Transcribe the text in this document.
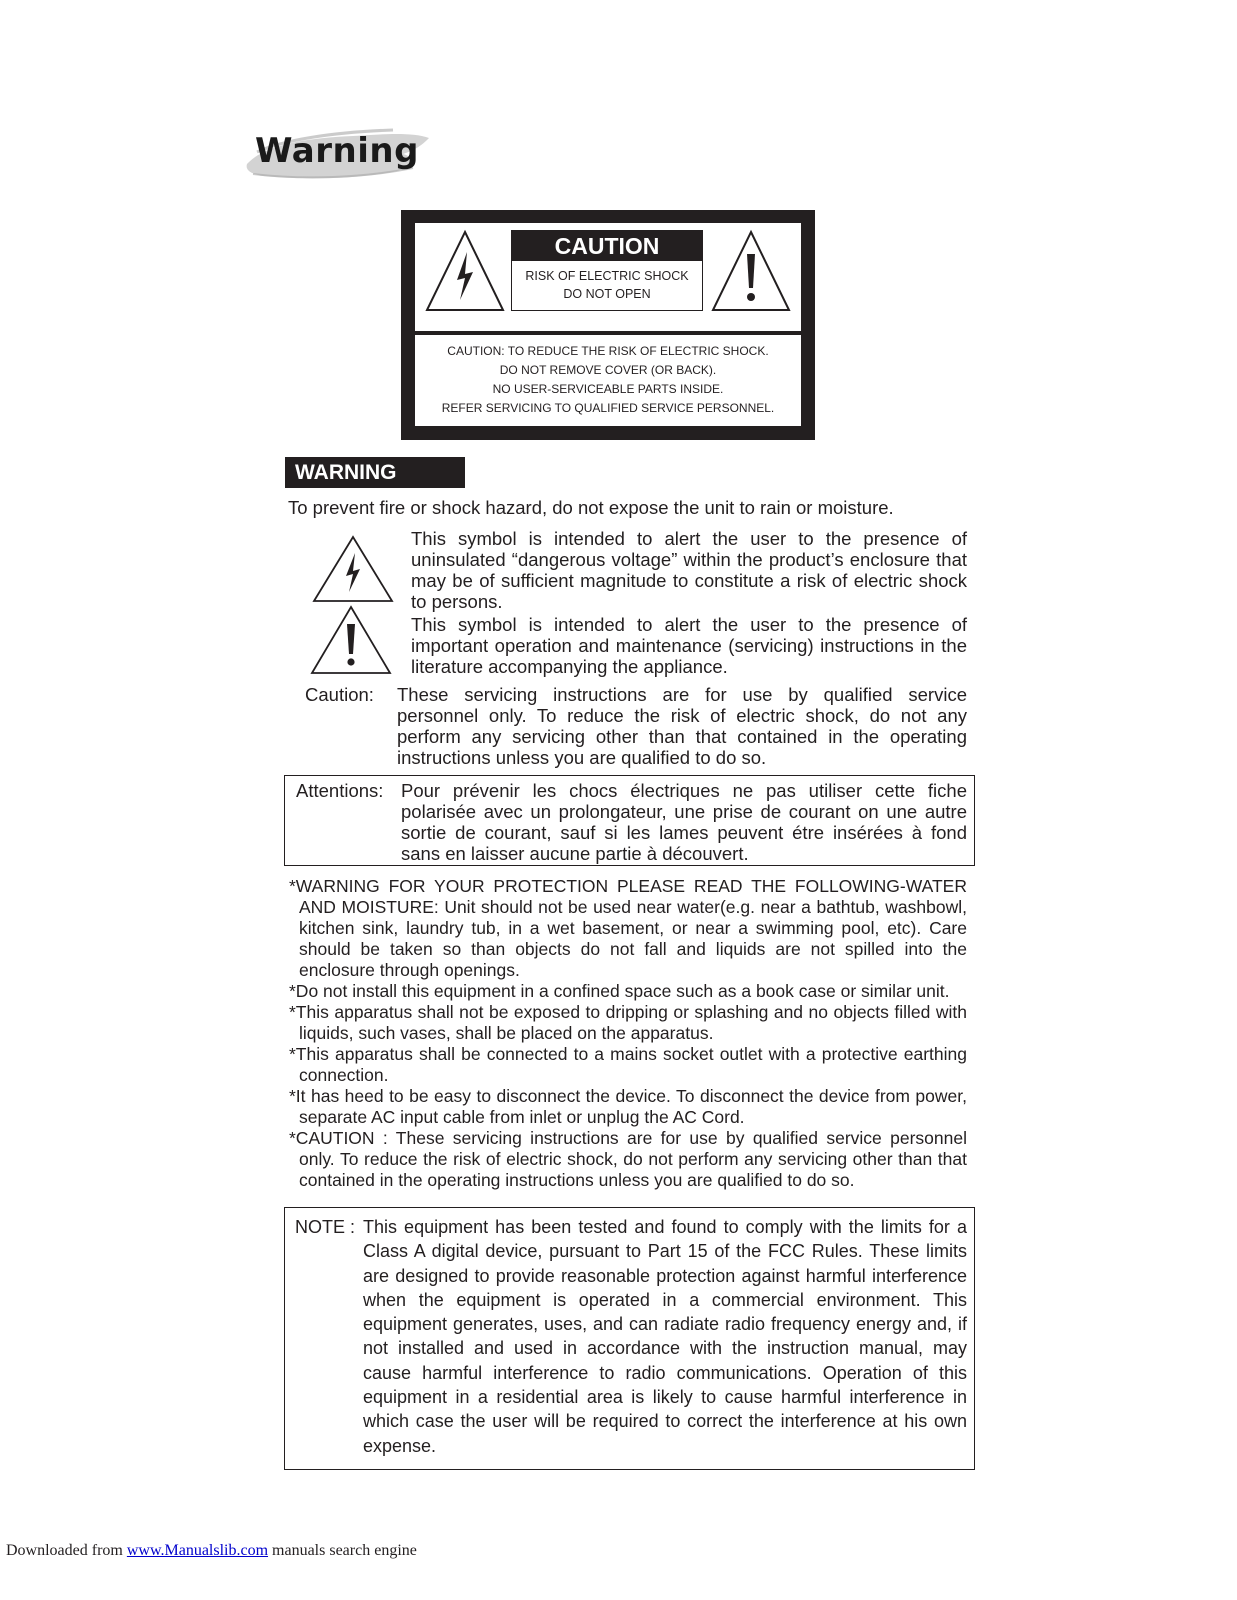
Warning
CAUTION
RISK OF ELECTRIC SHOCK
DO NOT OPEN
CAUTION: TO REDUCE THE RISK OF ELECTRIC SHOCK.
DO NOT REMOVE COVER (OR BACK).
NO USER-SERVICEABLE PARTS INSIDE.
REFER SERVICING TO QUALIFIED SERVICE PERSONNEL.
WARNING
To prevent fire or shock hazard, do not expose the unit to rain or moisture.
This symbol is intended to alert the user to the presence of uninsulated “dangerous voltage” within the product’s enclosure that may be of sufficient magnitude to constitute a risk of electric shock to persons.
This symbol is intended to alert the user to the presence of important operation and maintenance (servicing) instructions in the literature accompanying the appliance.
Caution: These servicing instructions are for use by qualified service personnel only. To reduce the risk of electric shock, do not any perform any servicing other than that contained in the operating instructions unless you are qualified to do so.
Attentions: Pour prévenir les chocs électriques ne pas utiliser cette fiche polarisée avec un prolongateur, une prise de courant on une autre sortie de courant, sauf si les lames peuvent étre insérées à fond sans en laisser aucune partie à découvert.
*WARNING FOR YOUR PROTECTION PLEASE READ THE FOLLOWING-WATER AND MOISTURE: Unit should not be used near water(e.g. near a bathtub, washbowl, kitchen sink, laundry tub, in a wet basement, or near a swimming pool, etc). Care should be taken so than objects do not fall and liquids are not spilled into the enclosure through openings.
*Do not install this equipment in a confined space such as a book case or similar unit.
*This apparatus shall not be exposed to dripping or splashing and no objects filled with liquids, such vases, shall be placed on the apparatus.
*This apparatus shall be connected to a mains socket outlet with a protective earthing connection.
*It has heed to be easy to disconnect the device. To disconnect the device from power, separate AC input cable from inlet or unplug the AC Cord.
*CAUTION : These servicing instructions are for use by qualified service personnel only. To reduce the risk of electric shock, do not perform any servicing other than that contained in the operating instructions unless you are qualified to do so.
NOTE : This equipment has been tested and found to comply with the limits for a Class A digital device, pursuant to Part 15 of the FCC Rules. These limits are designed to provide reasonable protection against harmful interference when the equipment is operated in a commercial environment. This equipment generates, uses, and can radiate radio frequency energy and, if not installed and used in accordance with the instruction manual, may cause harmful interference to radio communications. Operation of this equipment in a residential area is likely to cause harmful interference in which case the user will be required to correct the interference at his own expense.
Downloaded from www.Manualslib.com manuals search engine
